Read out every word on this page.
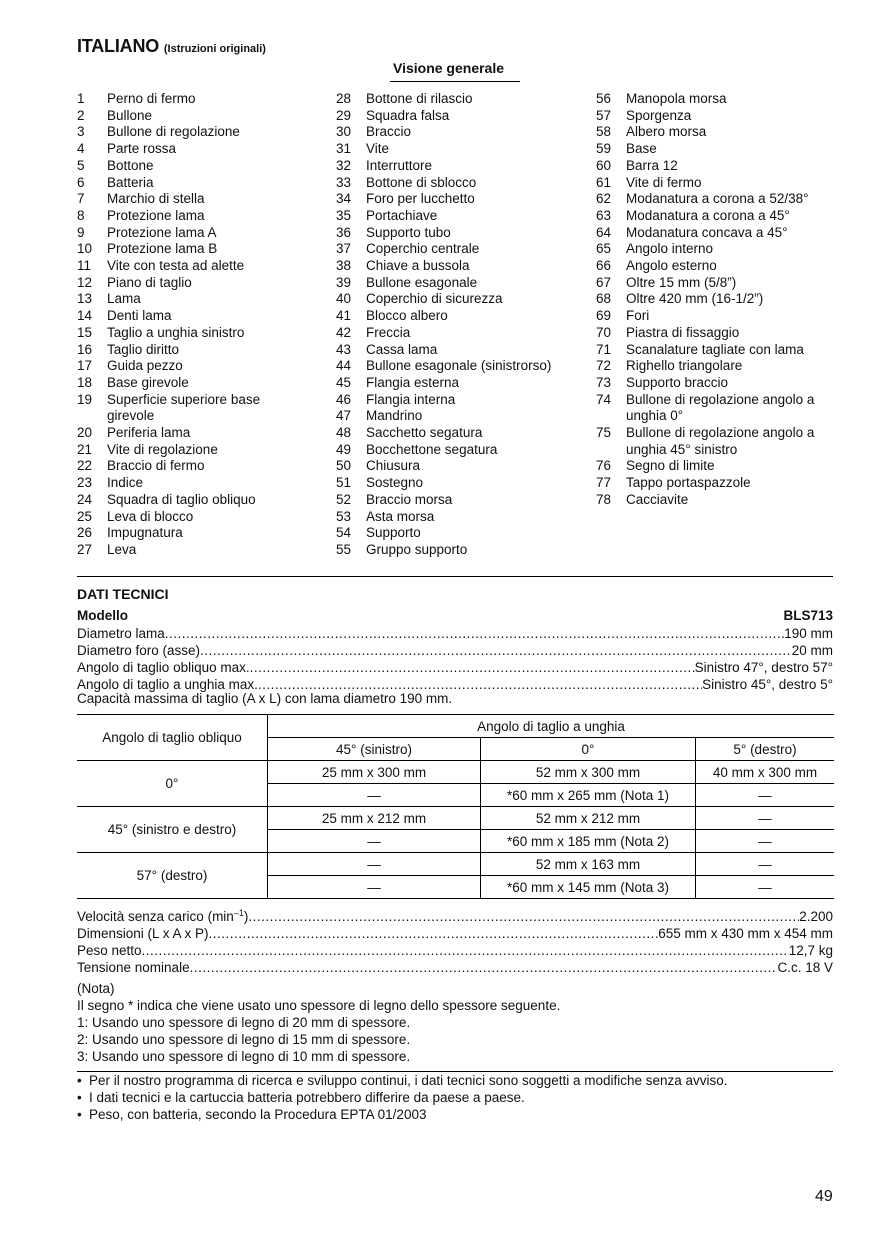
ITALIANO (Istruzioni originali)
Visione generale
1	Perno di fermo
2	Bullone
3	Bullone di regolazione
4	Parte rossa
5	Bottone
6	Batteria
7	Marchio di stella
8	Protezione lama
9	Protezione lama A
10	Protezione lama B
11	Vite con testa ad alette
12	Piano di taglio
13	Lama
14	Denti lama
15	Taglio a unghia sinistro
16	Taglio diritto
17	Guida pezzo
18	Base girevole
19	Superficie superiore base girevole
20	Periferia lama
21	Vite di regolazione
22	Braccio di fermo
23	Indice
24	Squadra di taglio obliquo
25	Leva di blocco
26	Impugnatura
27	Leva
28	Bottone di rilascio
29	Squadra falsa
30	Braccio
31	Vite
32	Interruttore
33	Bottone di sblocco
34	Foro per lucchetto
35	Portachiave
36	Supporto tubo
37	Coperchio centrale
38	Chiave a bussola
39	Bullone esagonale
40	Coperchio di sicurezza
41	Blocco albero
42	Freccia
43	Cassa lama
44	Bullone esagonale (sinistrorso)
45	Flangia esterna
46	Flangia interna
47	Mandrino
48	Sacchetto segatura
49	Bocchettone segatura
50	Chiusura
51	Sostegno
52	Braccio morsa
53	Asta morsa
54	Supporto
55	Gruppo supporto
56	Manopola morsa
57	Sporgenza
58	Albero morsa
59	Base
60	Barra 12
61	Vite di fermo
62	Modanatura a corona a 52/38°
63	Modanatura a corona a 45°
64	Modanatura concava a 45°
65	Angolo interno
66	Angolo esterno
67	Oltre 15 mm (5/8”)
68	Oltre 420 mm (16-1/2”)
69	Fori
70	Piastra di fissaggio
71	Scanalature tagliate con lama
72	Righello triangolare
73	Supporto braccio
74	Bullone di regolazione angolo a unghia 0°
75	Bullone di regolazione angolo a unghia 45° sinistro
76	Segno di limite
77	Tappo portaspazzole
78	Cacciavite
DATI TECNICI
Modello	BLS713
Diametro lama .....	190 mm
Diametro foro (asse) .....	20 mm
Angolo di taglio obliquo max. .....	Sinistro 47°, destro 57°
Angolo di taglio a unghia max. .....	Sinistro 45°, destro 5°
Capacità massima di taglio (A x L) con lama diametro 190 mm.
Angolo di taglio obliquo	Angolo di taglio a unghia		
	45° (sinistro)	0°	5° (destro)
0°	25 mm x 300 mm	52 mm x 300 mm	40 mm x 300 mm
	—	*60 mm x 265 mm (Nota 1)	—
45° (sinistro e destro)	25 mm x 212 mm	52 mm x 212 mm	—
	—	*60 mm x 185 mm (Nota 2)	—
57° (destro)	—	52 mm x 163 mm	—
	—	*60 mm x 145 mm (Nota 3)	—
Velocità senza carico $(\min^{-1})$ .....	2.200
Dimensioni (L x A x P) .....	655 mm x 430 mm x 454 mm
Peso netto .....	12,7 kg
Tensione nominale .....	C.c. 18 V
(Nota)
Il segno * indica che viene usato uno spessore di legno dello spessore seguente.
1: Usando uno spessore di legno di 20 mm di spessore.
2: Usando uno spessore di legno di 15 mm di spessore.
3: Usando uno spessore di legno di 10 mm di spessore.
• Per il nostro programma di ricerca e sviluppo continui, i dati tecnici sono soggetti a modifiche senza avviso.
• I dati tecnici e la cartuccia batteria potrebbero differire da paese a paese.
• Peso, con batteria, secondo la Procedura EPTA 01/2003
49
